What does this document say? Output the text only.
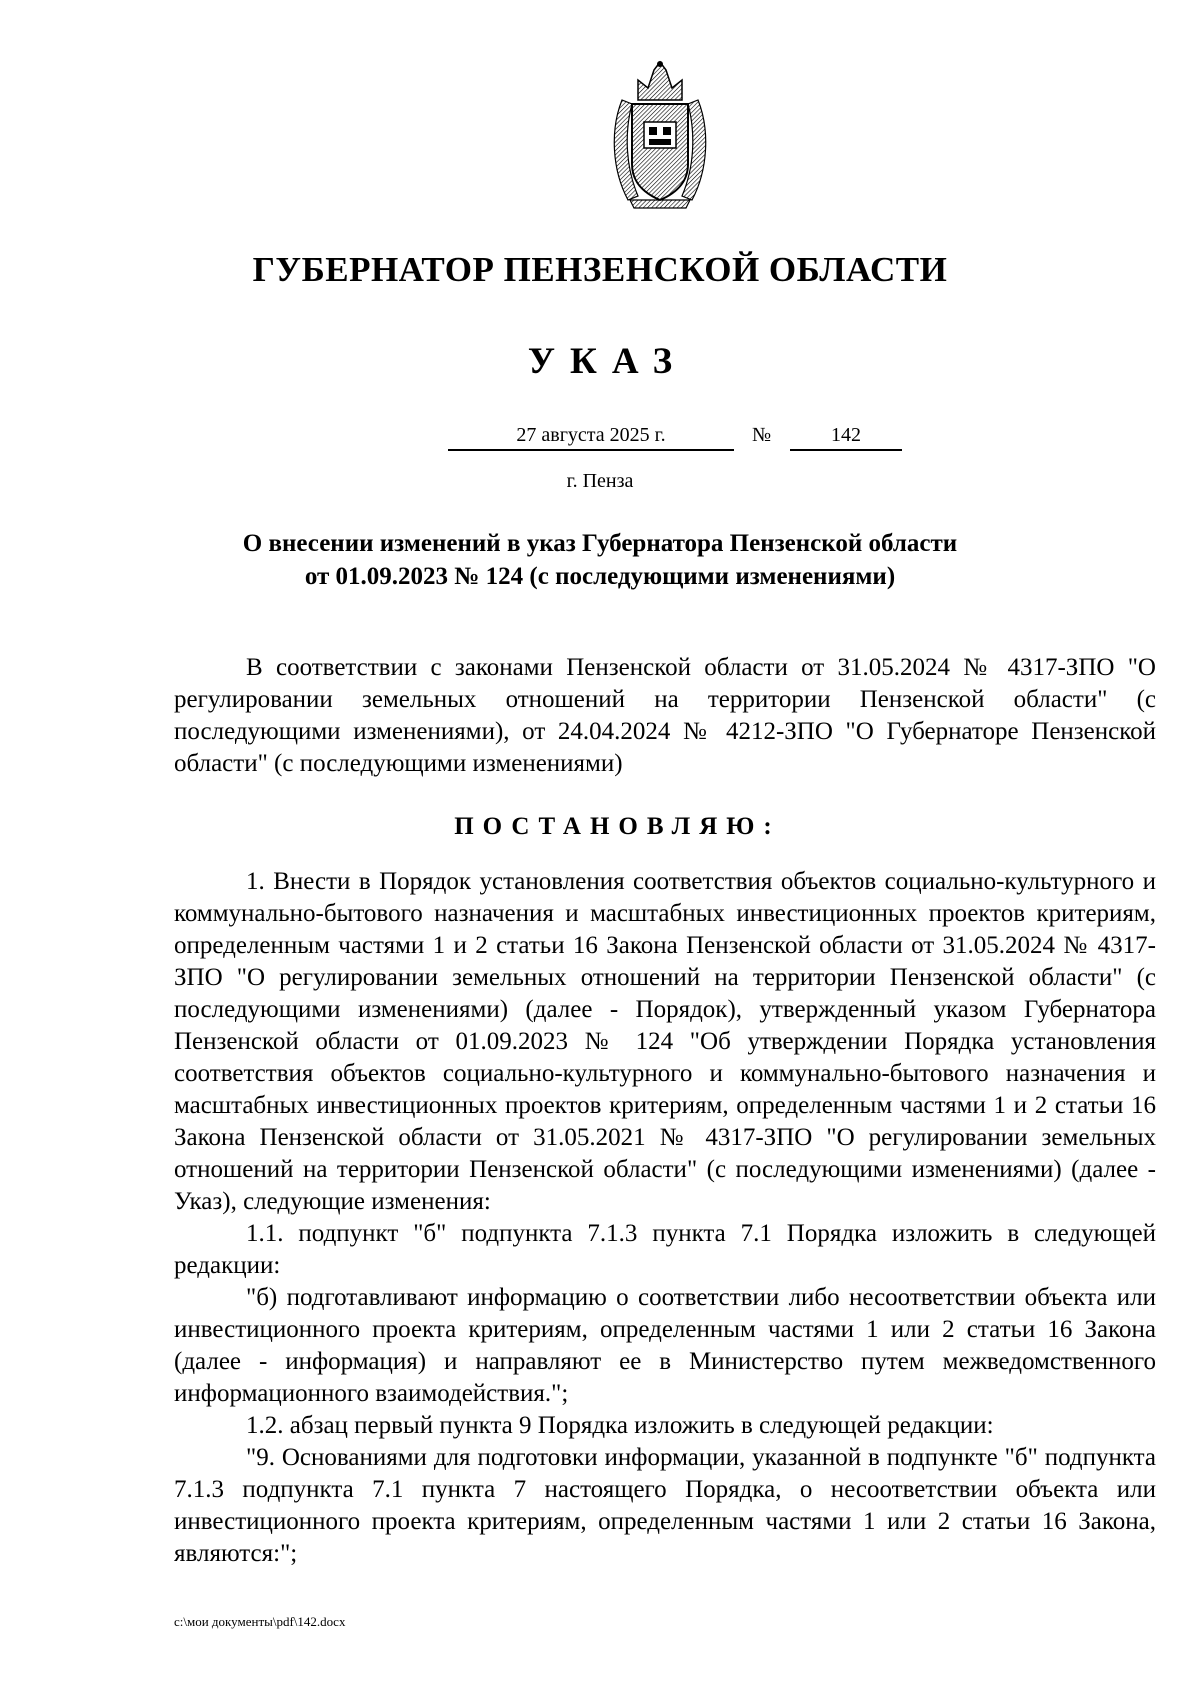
ГУБЕРНАТОР ПЕНЗЕНСКОЙ ОБЛАСТИ
УКАЗ
27 августа 2025 г.	№	142
г. Пенза
О внесении изменений в указ Губернатора Пензенской области
от 01.09.2023 № 124 (с последующими изменениями)

В соответствии с законами Пензенской области от 31.05.2024 № 4317-ЗПО "О регулировании земельных отношений на территории Пензенской области" (с последующими изменениями), от 24.04.2024 № 4212-ЗПО "О Губернаторе Пензенской области" (с последующими изменениями)

ПОСТАНОВЛЯЮ:

1. Внести в Порядок установления соответствия объектов социально-культурного и коммунально-бытового назначения и масштабных инвестиционных проектов критериям, определенным частями 1 и 2 статьи 16 Закона Пензенской области от 31.05.2024 № 4317-ЗПО "О регулировании земельных отношений на территории Пензенской области" (с последующими изменениями) (далее - Порядок), утвержденный указом Губернатора Пензенской области от 01.09.2023 № 124 "Об утверждении Порядка установления соответствия объектов социально-культурного и коммунально-бытового назначения и масштабных инвестиционных проектов критериям, определенным частями 1 и 2 статьи 16 Закона Пензенской области от 31.05.2021 № 4317-ЗПО "О регулировании земельных отношений на территории Пензенской области" (с последующими изменениями) (далее - Указ), следующие изменения:

1.1. подпункт "б" подпункта 7.1.3 пункта 7.1 Порядка изложить в следующей редакции:

"б) подготавливают информацию о соответствии либо несоответствии объекта или инвестиционного проекта критериям, определенным частями 1 или 2 статьи 16 Закона (далее - информация) и направляют ее в Министерство путем межведомственного информационного взаимодействия.";

1.2. абзац первый пункта 9 Порядка изложить в следующей редакции:

"9. Основаниями для подготовки информации, указанной в подпункте "б" подпункта 7.1.3 подпункта 7.1 пункта 7 настоящего Порядка, о несоответствии объекта или инвестиционного проекта критериям, определенным частями 1 или 2 статьи 16 Закона, являются:";

c:\мои документы\pdf\142.docx
